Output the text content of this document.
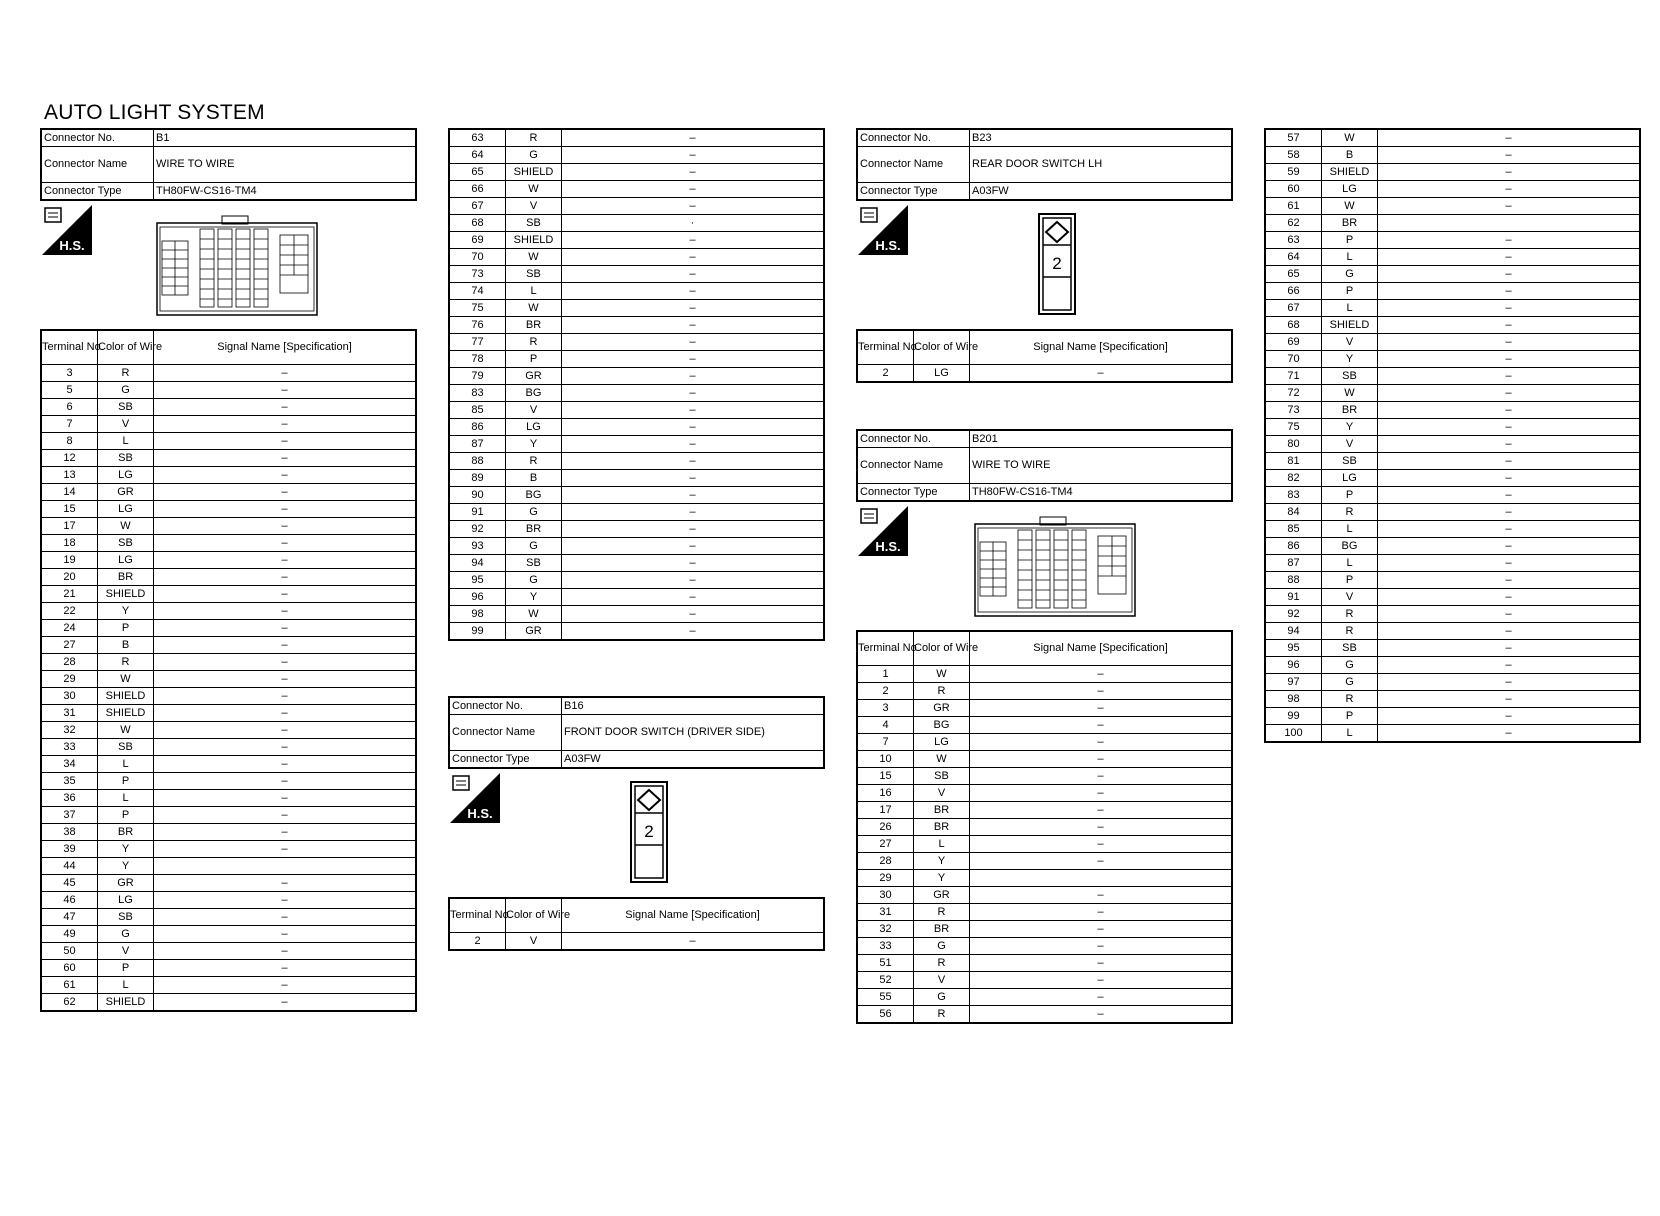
AUTO LIGHT SYSTEM
Connector No.	B1
Connector Name	WIRE TO WIRE
Connector Type	TH80FW-CS16-TM4
H.S.
Terminal No.	Color of Wire	Signal Name [Specification]
3	R	–
5	G	–
6	SB	–
7	V	–
8	L	–
12	SB	–
13	LG	–
14	GR	–
15	LG	–
17	W	–
18	SB	–
19	LG	–
20	BR	–
21	SHIELD	–
22	Y	–
24	P	–
27	B	–
28	R	–
29	W	–
30	SHIELD	–
31	SHIELD	–
32	W	–
33	SB	–
34	L	–
35	P	–
36	L	–
37	P	–
38	BR	–
39	Y	–
44	Y	
45	GR	–
46	LG	–
47	SB	–
49	G	–
50	V	–
60	P	–
61	L	–
62	SHIELD	–
63	R	–
64	G	–
65	SHIELD	–
66	W	–
67	V	–
68	SB	·
69	SHIELD	–
70	W	–
73	SB	–
74	L	–
75	W	–
76	BR	–
77	R	–
78	P	–
79	GR	–
83	BG	–
85	V	–
86	LG	–
87	Y	–
88	R	–
89	B	–
90	BG	–
91	G	–
92	BR	–
93	G	–
94	SB	–
95	G	–
96	Y	–
98	W	–
99	GR	–
Connector No.	B16
Connector Name	FRONT DOOR SWITCH (DRIVER SIDE)
Connector Type	A03FW
H.S.
2
Terminal No.	Color of Wire	Signal Name [Specification]
2	V	–
Connector No.	B23
Connector Name	REAR DOOR SWITCH LH
Connector Type	A03FW
H.S.
2
Terminal No.	Color of Wire	Signal Name [Specification]
2	LG	–
Connector No.	B201
Connector Name	WIRE TO WIRE
Connector Type	TH80FW-CS16-TM4
H.S.
Terminal No.	Color of Wire	Signal Name [Specification]
1	W	–
2	R	–
3	GR	–
4	BG	–
7	LG	–
10	W	–
15	SB	–
16	V	–
17	BR	–
26	BR	–
27	L	–
28	Y	–
29	Y	
30	GR	–
31	R	–
32	BR	–
33	G	–
51	R	–
52	V	–
55	G	–
56	R	–
57	W	–
58	B	–
59	SHIELD	–
60	LG	–
61	W	–
62	BR	
63	P	–
64	L	–
65	G	–
66	P	–
67	L	–
68	SHIELD	–
69	V	–
70	Y	–
71	SB	–
72	W	–
73	BR	–
75	Y	–
80	V	–
81	SB	–
82	LG	–
83	P	–
84	R	–
85	L	–
86	BG	–
87	L	–
88	P	–
91	V	–
92	R	–
94	R	–
95	SB	–
96	G	–
97	G	–
98	R	–
99	P	–
100	L	–
